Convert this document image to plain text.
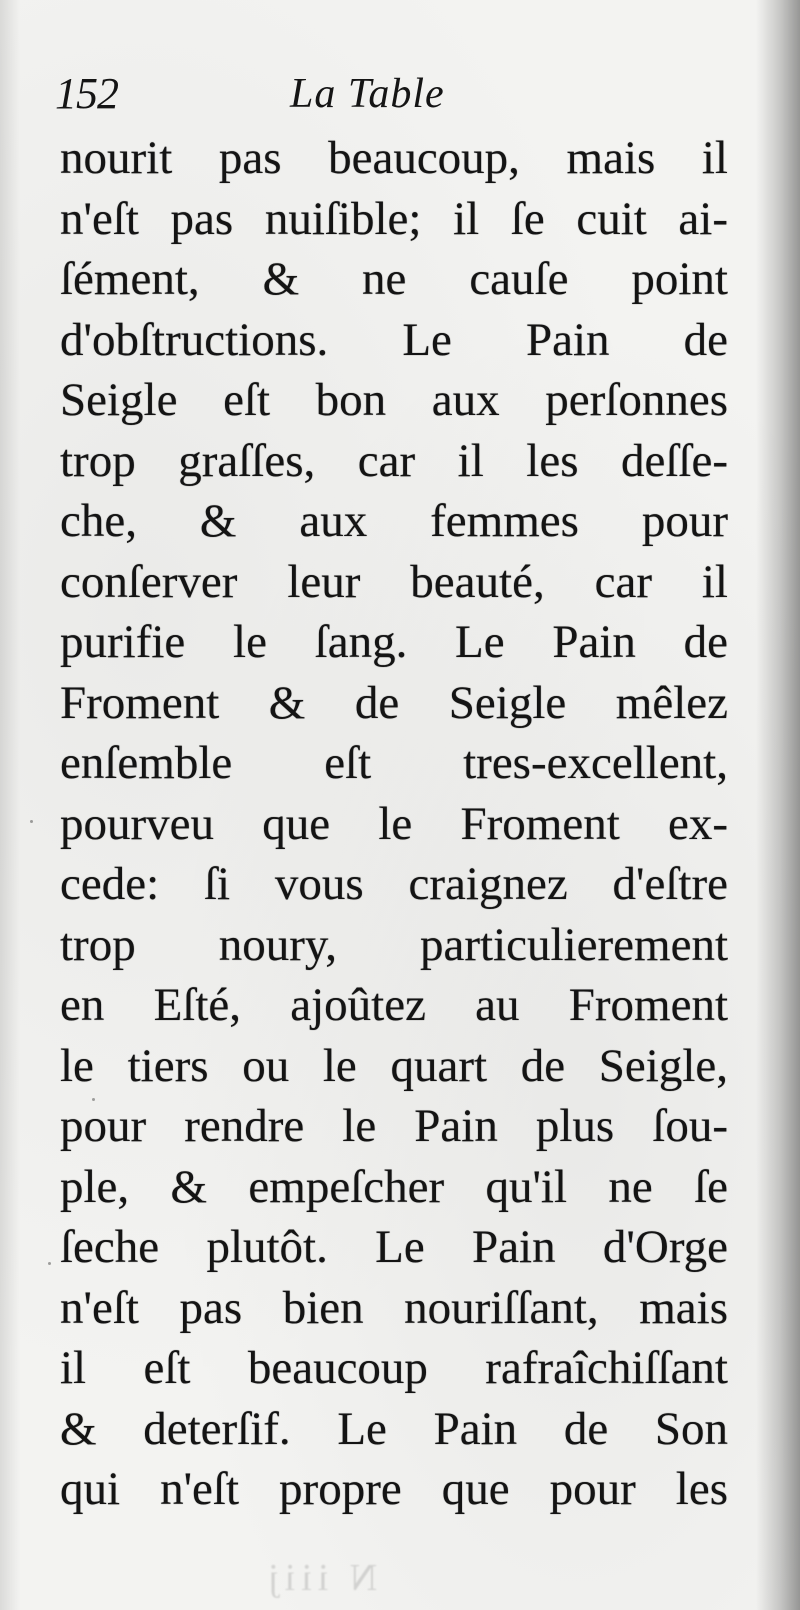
152	La Table
nourit pas beaucoup, mais il
n'eſt pas nuiſible; il ſe cuit ai-
ſément, & ne cauſe point
d'obſtructions. Le Pain de
Seigle eſt bon aux perſonnes
trop graſſes, car il les deſſe-
che, & aux femmes pour
conſerver leur beauté, car il
purifie le ſang. Le Pain de
Froment & de Seigle mêlez
enſemble eſt tres-excellent,
pourveu que le Froment ex-
cede: ſi vous craignez d'eſtre
trop noury, particulierement
en Eſté, ajoûtez au Froment
le tiers ou le quart de Seigle,
pour rendre le Pain plus ſou-
ple, & empeſcher qu'il ne ſe
ſeche plutôt. Le Pain d'Orge
n'eſt pas bien nouriſſant, mais
il eſt beaucoup rafraîchiſſant
& deterſif. Le Pain de Son
qui n'eſt propre que pour les
N iiij
